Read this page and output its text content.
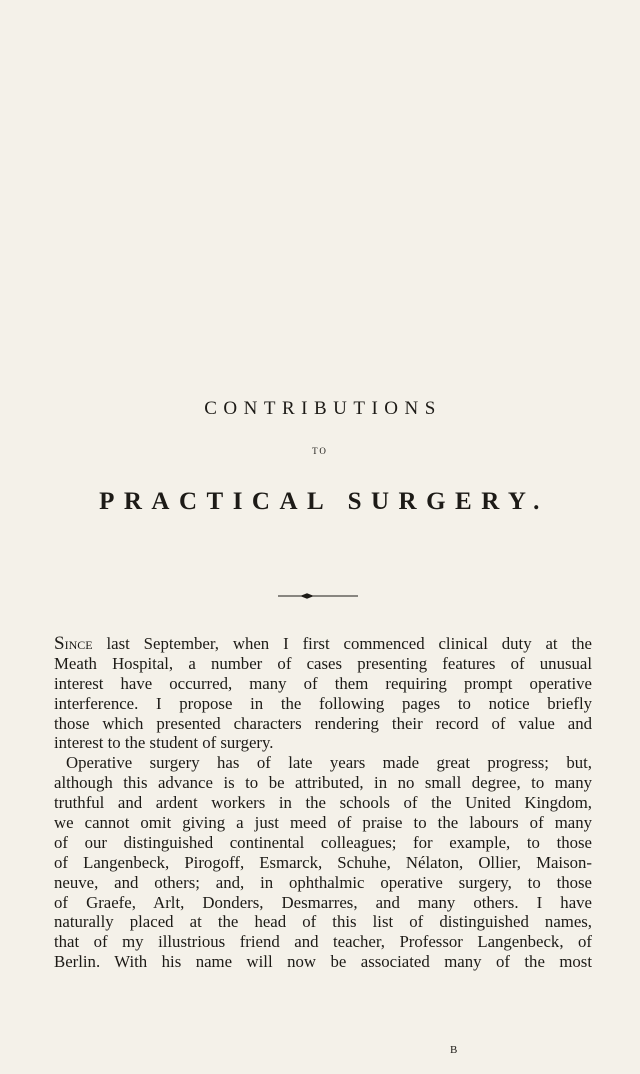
CONTRIBUTIONS
TO
PRACTICAL SURGERY.
Since last September, when I first commenced clinical duty at the
Meath Hospital, a number of cases presenting features of unusual
interest have occurred, many of them requiring prompt operative
interference. I propose in the following pages to notice briefly
those which presented characters rendering their record of value and
interest to the student of surgery.
Operative surgery has of late years made great progress; but,
although this advance is to be attributed, in no small degree, to many
truthful and ardent workers in the schools of the United Kingdom,
we cannot omit giving a just meed of praise to the labours of many
of our distinguished continental colleagues; for example, to those
of Langenbeck, Pirogoff, Esmarck, Schuhe, Nélaton, Ollier, Maison-
neuve, and others; and, in ophthalmic operative surgery, to those
of Graefe, Arlt, Donders, Desmarres, and many others. I have
naturally placed at the head of this list of distinguished names,
that of my illustrious friend and teacher, Professor Langenbeck, of
Berlin. With his name will now be associated many of the most
B
